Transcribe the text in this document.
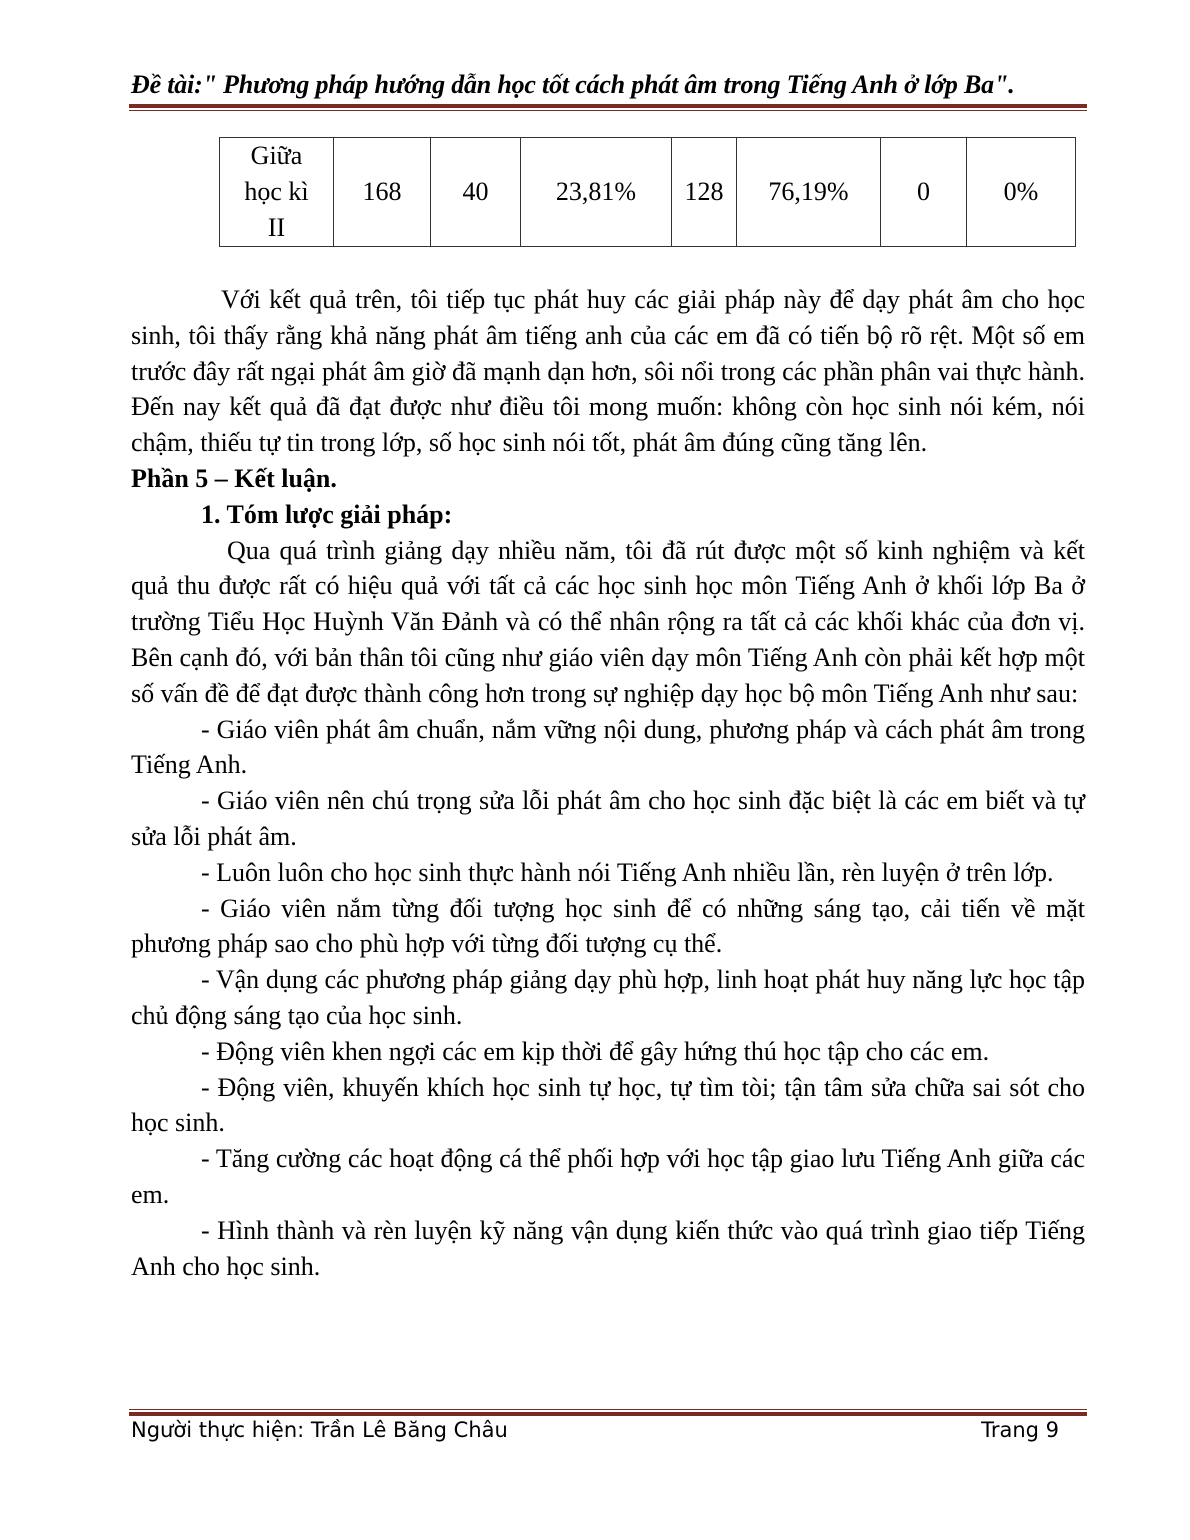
Đề tài:" Phương pháp hướng dẫn học tốt cách phát âm trong Tiếng Anh ở lớp Ba".
Giữa
học kì
II
	168	40	23,81%	128	76,19%	0	0%

Với kết quả trên, tôi tiếp tục phát huy các giải pháp này để dạy phát âm cho học sinh, tôi thấy rằng khả năng phát âm tiếng anh của các em đã có tiến bộ rõ rệt. Một số em trước đây rất ngại phát âm giờ đã mạnh dạn hơn, sôi nổi trong các phần phân vai thực hành. Đến nay kết quả đã đạt được như điều tôi mong muốn: không còn học sinh nói kém, nói chậm, thiếu tự tin trong lớp, số học sinh nói tốt, phát âm đúng cũng tăng lên.

Phần 5 – Kết luận.

1. Tóm lược giải pháp:

Qua quá trình giảng dạy nhiều năm, tôi đã rút được một số kinh nghiệm và kết quả thu được rất có hiệu quả với tất cả các học sinh học môn Tiếng Anh ở khối lớp Ba ở trường Tiểu Học Huỳnh Văn Đảnh và có thể nhân rộng ra tất cả các khối khác của đơn vị. Bên cạnh đó, với bản thân tôi cũng như giáo viên dạy môn Tiếng Anh còn phải kết hợp một số vấn đề để đạt được thành công hơn trong sự nghiệp dạy học bộ môn Tiếng Anh như sau:

- Giáo viên phát âm chuẩn, nắm vững nội dung, phương pháp và cách phát âm trong Tiếng Anh.

- Giáo viên nên chú trọng sửa lỗi phát âm cho học sinh đặc biệt là các em biết và tự sửa lỗi phát âm.

- Luôn luôn cho học sinh thực hành nói Tiếng Anh nhiều lần, rèn luyện ở trên lớp.

- Giáo viên nắm từng đối tượng học sinh để có những sáng tạo, cải tiến về mặt phương pháp sao cho phù hợp với từng đối tượng cụ thể.

- Vận dụng các phương pháp giảng dạy phù hợp, linh hoạt phát huy năng lực học tập chủ động sáng tạo của học sinh.

- Động viên khen ngợi các em kịp thời để gây hứng thú học tập cho các em.

- Động viên, khuyến khích học sinh tự học, tự tìm tòi; tận tâm sửa chữa sai sót cho học sinh.

- Tăng cường các hoạt động cá thể phối hợp với học tập giao lưu Tiếng Anh giữa các em.

- Hình thành và rèn luyện kỹ năng vận dụng kiến thức vào quá trình giao tiếp Tiếng Anh cho học sinh.

Người thực hiện: Trần Lê Băng Châu	Trang 9
